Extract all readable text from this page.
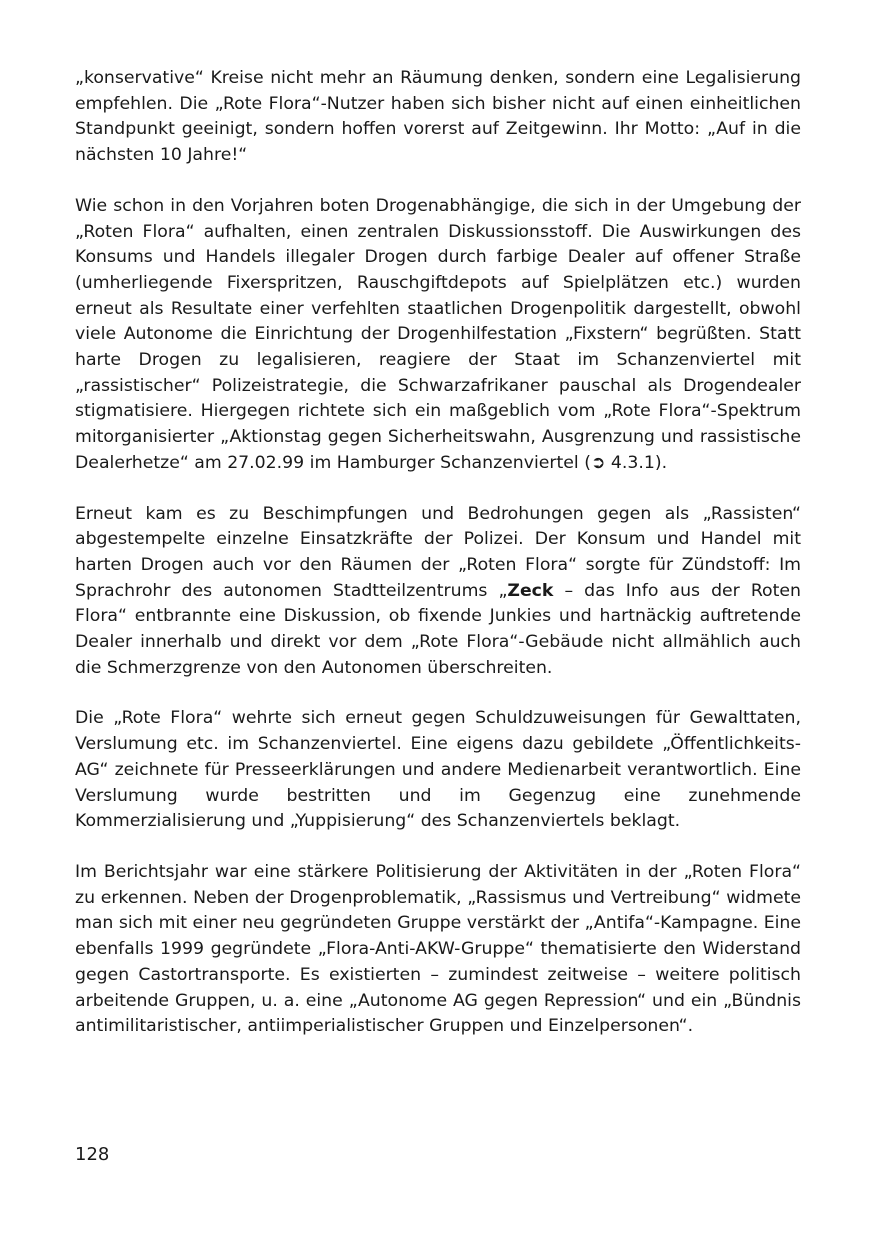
„konservative“ Kreise nicht mehr an Räumung denken, sondern eine Legalisierung empfehlen. Die „Rote Flora“-Nutzer haben sich bisher nicht auf einen einheitlichen Standpunkt geeinigt, sondern hoffen vorerst auf Zeitgewinn. Ihr Motto: „Auf in die nächsten 10 Jahre!“

Wie schon in den Vorjahren boten Drogenabhängige, die sich in der Umgebung der „Roten Flora“ aufhalten, einen zentralen Diskussionsstoff. Die Auswirkungen des Konsums und Handels illegaler Drogen durch farbige Dealer auf offener Straße (umherliegende Fixerspritzen, Rauschgiftdepots auf Spielplätzen etc.) wurden erneut als Resultate einer verfehlten staatlichen Drogenpolitik dargestellt, obwohl viele Autonome die Einrichtung der Drogenhilfestation „Fixstern“ begrüßten. Statt harte Drogen zu legalisieren, reagiere der Staat im Schanzenviertel mit „rassistischer“ Polizeistrategie, die Schwarzafrikaner pauschal als Drogendealer stigmatisiere. Hiergegen richtete sich ein maßgeblich vom „Rote Flora“-Spektrum mitorganisierter „Aktionstag gegen Sicherheitswahn, Ausgrenzung und rassistische Dealerhetze“ am 27.02.99 im Hamburger Schanzenviertel (➲ 4.3.1).

Erneut kam es zu Beschimpfungen und Bedrohungen gegen als „Rassisten“ abgestempelte einzelne Einsatzkräfte der Polizei. Der Konsum und Handel mit harten Drogen auch vor den Räumen der „Roten Flora“ sorgte für Zündstoff: Im Sprachrohr des autonomen Stadtteilzentrums „Zeck – das Info aus der Roten Flora“ entbrannte eine Diskussion, ob fixende Junkies und hartnäckig auftretende Dealer innerhalb und direkt vor dem „Rote Flora“-Gebäude nicht allmählich auch die Schmerzgrenze von den Autonomen überschreiten.

Die „Rote Flora“ wehrte sich erneut gegen Schuldzuweisungen für Gewalttaten, Verslumung etc. im Schanzenviertel. Eine eigens dazu gebildete „Öffentlichkeits-AG“ zeichnete für Presseerklärungen und andere Medienarbeit verantwortlich. Eine Verslumung wurde bestritten und im Gegenzug eine zunehmende Kommerzialisierung und „Yuppisierung“ des Schanzenviertels beklagt.

Im Berichtsjahr war eine stärkere Politisierung der Aktivitäten in der „Roten Flora“ zu erkennen. Neben der Drogenproblematik, „Rassismus und Vertreibung“ widmete man sich mit einer neu gegründeten Gruppe verstärkt der „Antifa“-Kampagne. Eine ebenfalls 1999 gegründete „Flora-Anti-AKW-Gruppe“ thematisierte den Widerstand gegen Castortransporte. Es existierten – zumindest zeitweise – weitere politisch arbeitende Gruppen, u. a. eine „Autonome AG gegen Repression“ und ein „Bündnis antimilitaristischer, antiimperialistischer Gruppen und Einzelpersonen“.

128
